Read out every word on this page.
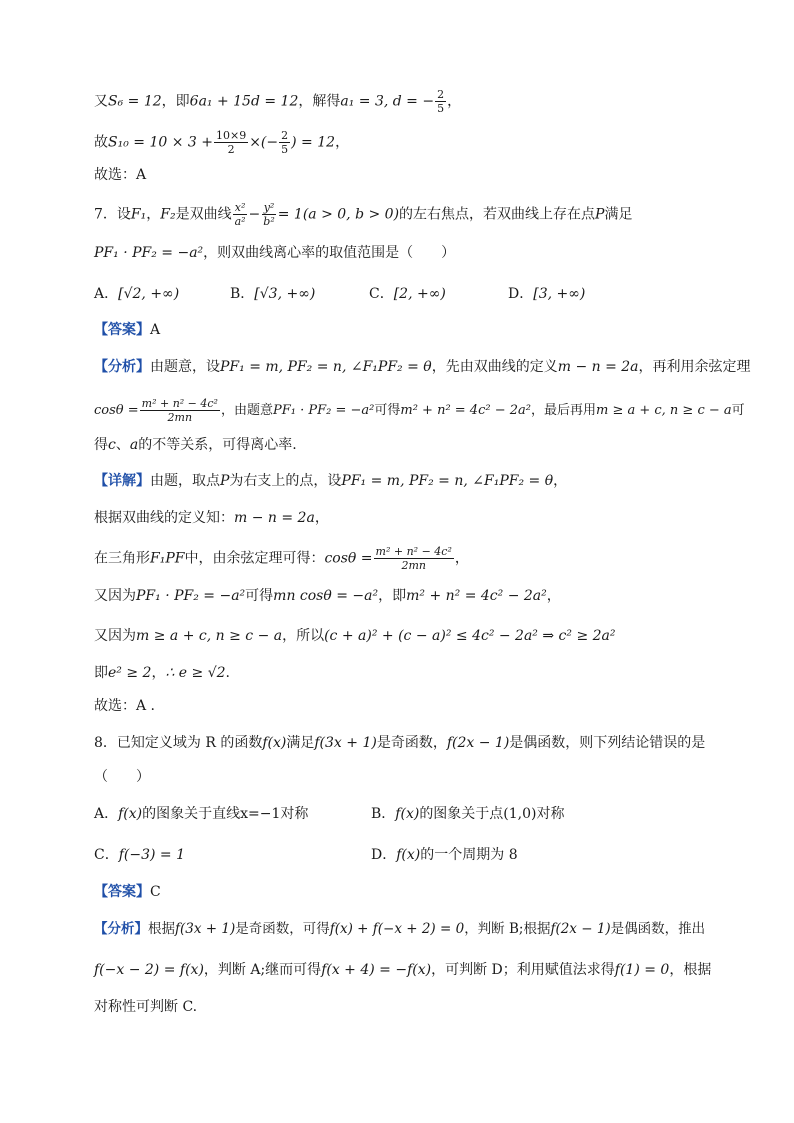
又S₆ = 12，即6a₁ + 15d = 12，解得a₁ = 3, d = − $\frac{2}{5}$ ，
故$S_{10} = 10 \times 3 + \frac{10\times 9}{2}$ ×(− $\frac{2}{5}$ ) = 12，
故选：A
7．设F₁，F₂是双曲线 $\frac{\text{x²}}{\text{a²}} - \frac{\text{y²}}{\text{b²}} = 1(a > 0$, b > 0)的左右焦点，若双曲线上存在点P满足
PF₁ · PF₂ = −a²，则双曲线离心率的取值范围是（　　）
A．[√2, +∞)	B．[√3, +∞)	C．[2, +∞)	D．[3, +∞)
【答案】A
【分析】由题意，设PF₁ = m, PF₂ = n, ∠F₁PF₂ = θ，先由双曲线的定义m − n = 2a，再利用余弦定理
$\cos\theta = \frac{\text{m² + n² − 4c²}}{2mn}$ ，由题意PF₁ · PF₂ = −a²可得m² + n² = 4c² − 2a²，最后再用m ≥ a + c, n ≥ c − a可
得c、a的不等关系，可得离心率.
【详解】由题，取点P为右支上的点，设PF₁ = m, PF₂ = n, ∠F₁PF₂ = θ，
根据双曲线的定义知：m − n = 2a，
在三角形F₁PF中，由余弦定理可得：$\cos\theta = \frac{\text{m² + n² − 4c²}}{2mn}$ ，
又因为PF₁ · PF₂ = −a²可得mn cosθ = −a²，即m² + n² = 4c² − 2a²，
又因为m ≥ a + c, n ≥ c − a，所以(c + a)² + (c − a)² ≤ 4c² − 2a² ⇒ c² ≥ 2a²
即e² ≥ 2，∴ e ≥ √2.
故选：A .
8．已知定义域为 R 的函数f(x)满足f(3x + 1)是奇函数，f(2x − 1)是偶函数，则下列结论错误的是
（　　）
A．f(x)的图象关于直线x=−1对称	B．f(x)的图象关于点(1,0)对称
C．f(−3) = 1	D．f(x)的一个周期为 8
【答案】C
【分析】根据f(3x + 1)是奇函数，可得f(x) + f(−x + 2) = 0，判断 B;根据f(2x − 1)是偶函数，推出
f(−x − 2) = f(x)，判断 A;继而可得f(x + 4) = −f(x)，可判断 D；利用赋值法求得f(1) = 0，根据
对称性可判断 C.
